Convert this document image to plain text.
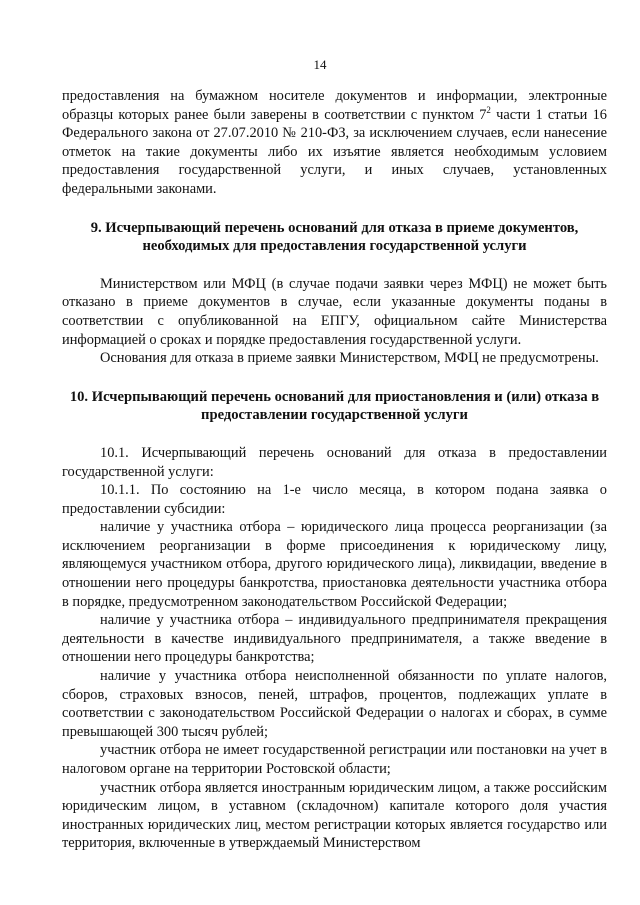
14

предоставления на бумажном носителе документов и информации, электронные образцы которых ранее были заверены в соответствии с пунктом $7^2$ части 1 статьи 16 Федерального закона от 27.07.2010 № 210-ФЗ, за исключением случаев, если нанесение отметок на такие документы либо их изъятие является необходимым условием предоставления государственной услуги, и иных случаев, установленных федеральными законами.

9. Исчерпывающий перечень оснований для отказа в приеме документов, необходимых для предоставления государственной услуги

Министерством или МФЦ (в случае подачи заявки через МФЦ) не может быть отказано в приеме документов в случае, если указанные документы поданы в соответствии с опубликованной на ЕПГУ, официальном сайте Министерства информацией о сроках и порядке предоставления государственной услуги.

Основания для отказа в приеме заявки Министерством, МФЦ не предусмотрены.

10. Исчерпывающий перечень оснований для приостановления и (или) отказа в предоставлении государственной услуги

10.1. Исчерпывающий перечень оснований для отказа в предоставлении государственной услуги:

10.1.1. По состоянию на 1-е число месяца, в котором подана заявка о предоставлении субсидии:

наличие у участника отбора – юридического лица процесса реорганизации (за исключением реорганизации в форме присоединения к юридическому лицу, являющемуся участником отбора, другого юридического лица), ликвидации, введение в отношении него процедуры банкротства, приостановка деятельности участника отбора в порядке, предусмотренном законодательством Российской Федерации;

наличие у участника отбора – индивидуального предпринимателя прекращения деятельности в качестве индивидуального предпринимателя, а также введение в отношении него процедуры банкротства;

наличие у участника отбора неисполненной обязанности по уплате налогов, сборов, страховых взносов, пеней, штрафов, процентов, подлежащих уплате в соответствии с законодательством Российской Федерации о налогах и сборах, в сумме превышающей 300 тысяч рублей;

участник отбора не имеет государственной регистрации или постановки на учет в налоговом органе на территории Ростовской области;

участник отбора является иностранным юридическим лицом, а также российским юридическим лицом, в уставном (складочном) капитале которого доля участия иностранных юридических лиц, местом регистрации которых является государство или территория, включенные в утверждаемый Министерством
